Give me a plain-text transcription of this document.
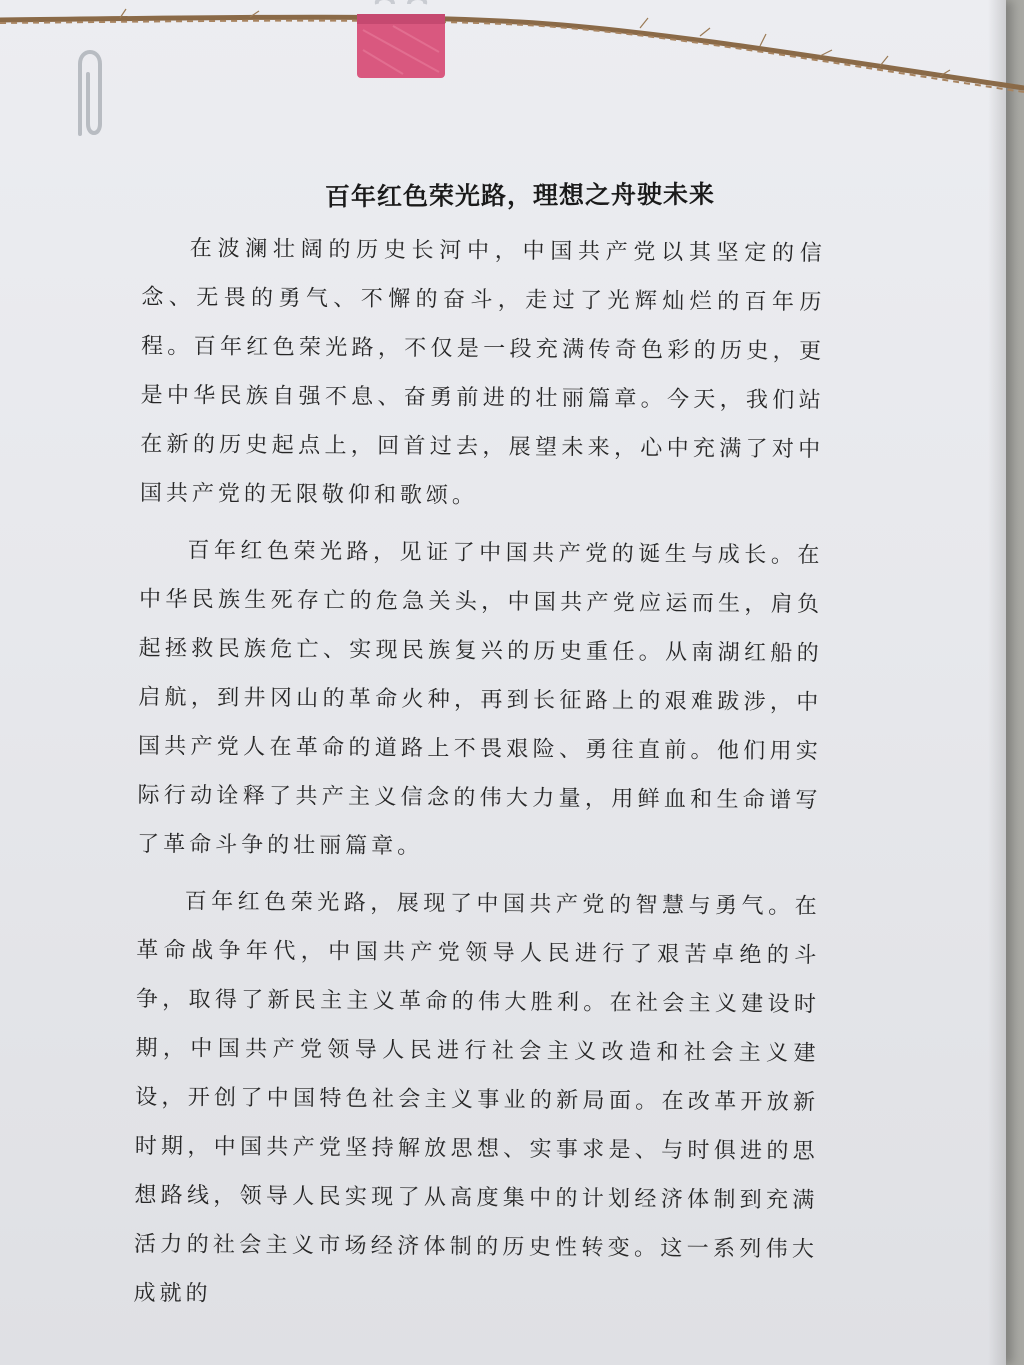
百年红色荣光路，理想之舟驶未来

在波澜壮阔的历史长河中，中国共产党以其坚定的信念、无畏的勇气、不懈的奋斗，走过了光辉灿烂的百年历程。百年红色荣光路，不仅是一段充满传奇色彩的历史，更是中华民族自强不息、奋勇前进的壮丽篇章。今天，我们站在新的历史起点上，回首过去，展望未来，心中充满了对中国共产党的无限敬仰和歌颂。

百年红色荣光路，见证了中国共产党的诞生与成长。在中华民族生死存亡的危急关头，中国共产党应运而生，肩负起拯救民族危亡、实现民族复兴的历史重任。从南湖红船的启航，到井冈山的革命火种，再到长征路上的艰难跋涉，中国共产党人在革命的道路上不畏艰险、勇往直前。他们用实际行动诠释了共产主义信念的伟大力量，用鲜血和生命谱写了革命斗争的壮丽篇章。

百年红色荣光路，展现了中国共产党的智慧与勇气。在革命战争年代，中国共产党领导人民进行了艰苦卓绝的斗争，取得了新民主主义革命的伟大胜利。在社会主义建设时期，中国共产党领导人民进行社会主义改造和社会主义建设，开创了中国特色社会主义事业的新局面。在改革开放新时期，中国共产党坚持解放思想、实事求是、与时俱进的思想路线，领导人民实现了从高度集中的计划经济体制到充满活力的社会主义市场经济体制的历史性转变。这一系列伟大成就的
